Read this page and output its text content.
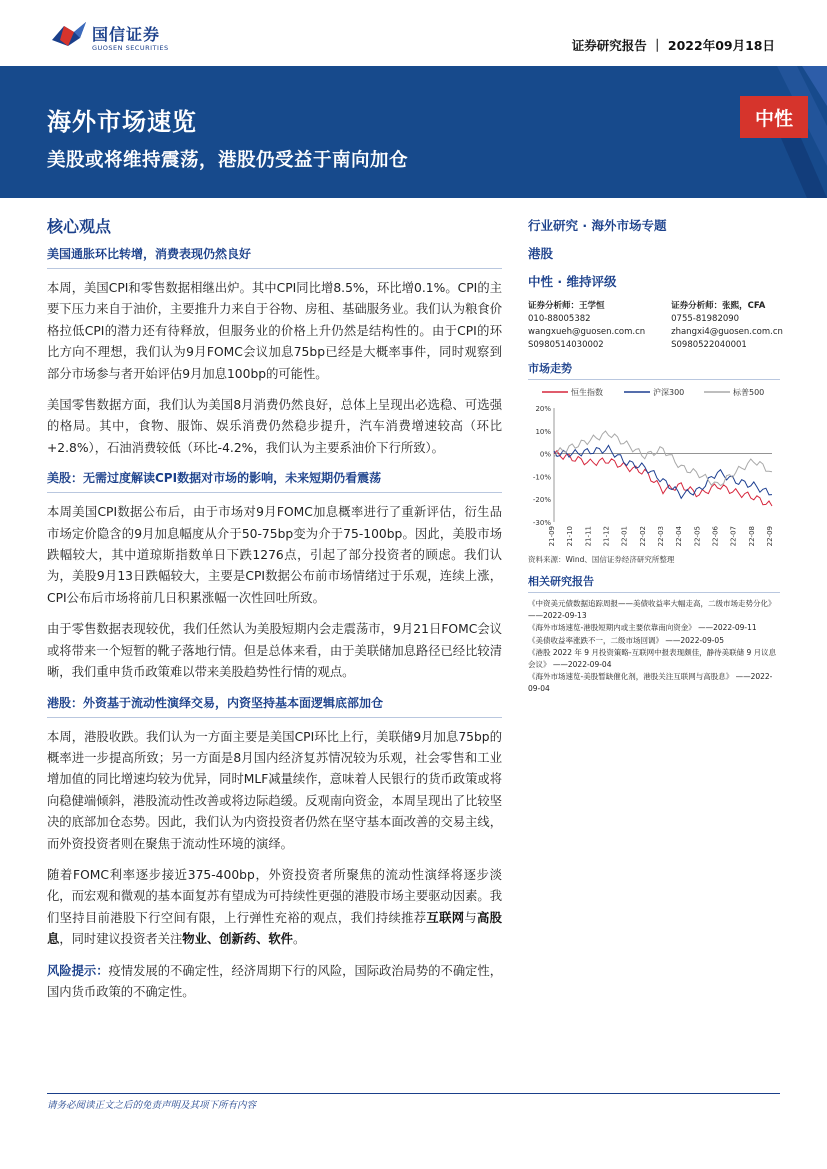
国信证券
GUOSEN SECURITIES	证券研究报告 ｜ 2022年09月18日
海外市场速览
美股或将维持震荡，港股仍受益于南向加仓
中性
核心观点
美国通胀环比转增，消费表现仍然良好

本周，美国CPI和零售数据相继出炉。其中CPI同比增8.5%，环比增0.1%。CPI的主要下压力来自于油价，主要推升力来自于谷物、房租、基础服务业。我们认为粮食价格拉低CPI的潜力还有待释放，但服务业的价格上升仍然是结构性的。由于CPI的环比方向不理想，我们认为9月FOMC会议加息75bp已经是大概率事件，同时观察到部分市场参与者开始评估9月加息100bp的可能性。

美国零售数据方面，我们认为美国8月消费仍然良好，总体上呈现出必选稳、可选强的格局。其中，食物、服饰、娱乐消费仍然稳步提升，汽车消费增速较高（环比+2.8%），石油消费较低（环比-4.2%，我们认为主要系油价下行所致）。

美股：无需过度解读CPI数据对市场的影响，未来短期仍看震荡

本周美国CPI数据公布后，由于市场对9月FOMC加息概率进行了重新评估，衍生品市场定价隐含的9月加息幅度从介于50-75bp变为介于75-100bp。因此，美股市场跌幅较大，其中道琼斯指数单日下跌1276点，引起了部分投资者的顾虑。我们认为，美股9月13日跌幅较大，主要是CPI数据公布前市场情绪过于乐观，连续上涨，CPI公布后市场将前几日积累涨幅一次性回吐所致。

由于零售数据表现较优，我们任然认为美股短期内会走震荡市，9月21日FOMC会议或将带来一个短暂的靴子落地行情。但是总体来看，由于美联储加息路径已经比较清晰，我们重申货币政策难以带来美股趋势性行情的观点。

港股：外资基于流动性演绎交易，内资坚持基本面逻辑底部加仓

本周，港股收跌。我们认为一方面主要是美国CPI环比上行，美联储9月加息75bp的概率进一步提高所致；另一方面是8月国内经济复苏情况较为乐观，社会零售和工业增加值的同比增速均较为优异，同时MLF减量续作，意味着人民银行的货币政策或将向稳健端倾斜，港股流动性改善或将边际趋缓。反观南向资金，本周呈现出了比较坚决的底部加仓态势。因此，我们认为内资投资者仍然在坚守基本面改善的交易主线，而外资投资者则在聚焦于流动性环境的演绎。

随着FOMC利率逐步接近375-400bp，外资投资者所聚焦的流动性演绎将逐步淡化，而宏观和微观的基本面复苏有望成为可持续性更强的港股市场主要驱动因素。我们坚持目前港股下行空间有限，上行弹性充裕的观点，我们持续推荐互联网与高股息，同时建议投资者关注物业、创新药、软件。

风险提示：疫情发展的不确定性，经济周期下行的风险，国际政治局势的不确定性，国内货币政策的不确定性。

行业研究 · 海外市场专题
港股
中性 · 维持评级
证券分析师：王学恒
010-88005382
wangxueh@guosen.com.cn
S0980514030002
证券分析师：张熙，CFA
0755-81982090
zhangxi4@guosen.com.cn
S0980522040001
市场走势
恒生指数	沪深300	标普500
20%
10%
0%
-10%
-20%
-30%
21-09 21-10 21-11 21-12 22-01 22-02 22-03 22-04 22-05 22-06 22-07 22-08 22-09
资料来源：Wind、国信证券经济研究所整理
相关研究报告
《中资美元债数据追踪周报——美债收益率大幅走高，二级市场走势分化》 ——2022-09-13
《海外市场速览-港股短期内或主要依靠南向资金》 ——2022-09-11
《美债收益率涨跌不一，二级市场回调》 ——2022-09-05
《港股 2022 年 9 月投资策略-互联网中报表现颇佳，静待美联储 9 月议息会议》 ——2022-09-04
《海外市场速览-美股暂缺催化剂，港股关注互联网与高股息》 ——2022-09-04
请务必阅读正文之后的免责声明及其项下所有内容
